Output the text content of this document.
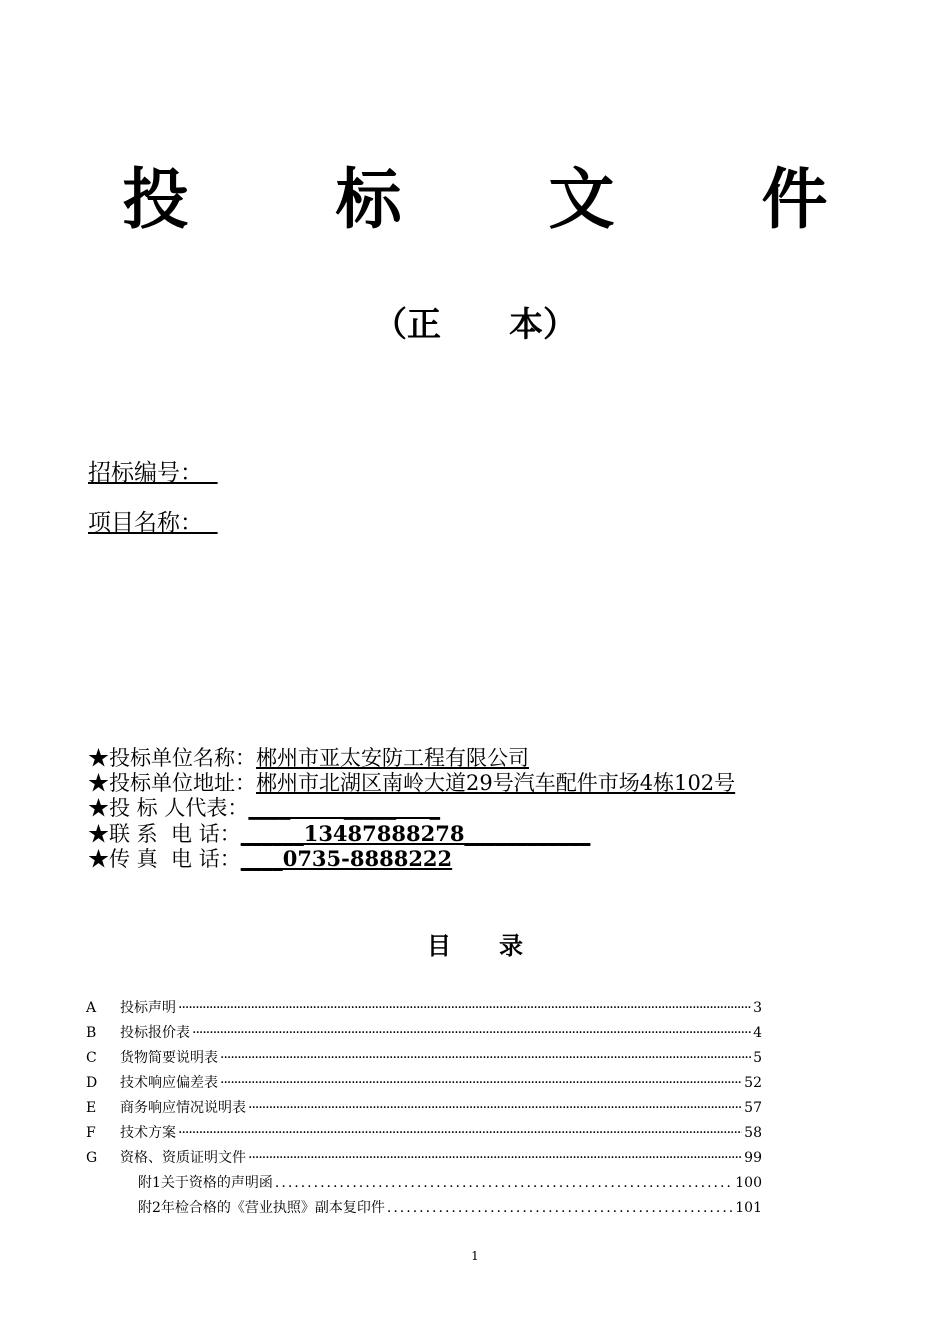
投 标 文 件
（正　　本）
招标编号：
项目名称：
★投标单位名称：郴州市亚太安防工程有限公司
★投标单位地址：郴州市北湖区南岭大道29号汽车配件市场4栋102号
★投 标 人代表：____        _____     _
★联 系  电 话：______13487888278____________
★传 真  电 话：____0735-8888222
目　　录
A	投标声明 ·····	3
B	投标报价表 ·····	4
C	货物简要说明表 ·····	5
D	技术响应偏差表 ·····	52
E	商务响应情况说明表 ·····	57
F	技术方案 ·····	58
G	资格、资质证明文件 ·····	99
附1关于资格的声明函 .....	100
附2年检合格的《营业执照》副本复印件 .....	101
1
